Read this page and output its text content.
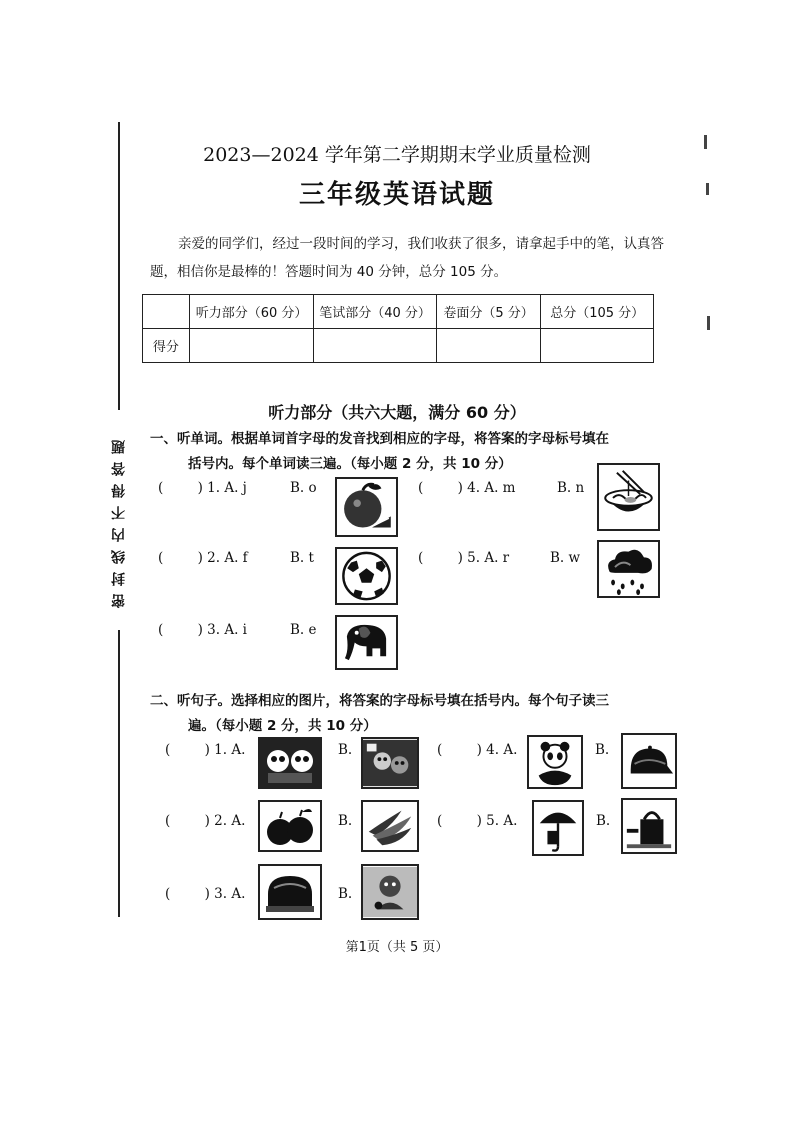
密封线内不得答题
2023—2024 学年第二学期期末学业质量检测
三年级英语试题
亲爱的同学们，经过一段时间的学习，我们收获了很多，请拿起手中的笔，认真答题，相信你是最棒的！答题时间为 40 分钟，总分 105 分。
	听力部分（60 分）	笔试部分（40 分）	卷面分（5 分）	总分（105 分）
得分				
听力部分（共六大题，满分 60 分）
一、听单词。根据单词首字母的发音找到相应的字母，将答案的字母标号填在
括号内。每个单词读三遍。（每小题 2 分，共 10 分）
(        ) 1. A. j	B. o
(        ) 2. A. f	B. t
(        ) 3. A. i	B. e
(        ) 4. A. m	B. n
(        ) 5. A. r	B. w
二、听句子。选择相应的图片，将答案的字母标号填在括号内。每个句子读三
遍。（每小题 2 分，共 10 分）
(        ) 1. A.	B.	(        ) 4. A.	B.
(        ) 2. A.	B.	(        ) 5. A.	B.
(        ) 3. A.	B.
第1页（共 5 页）
